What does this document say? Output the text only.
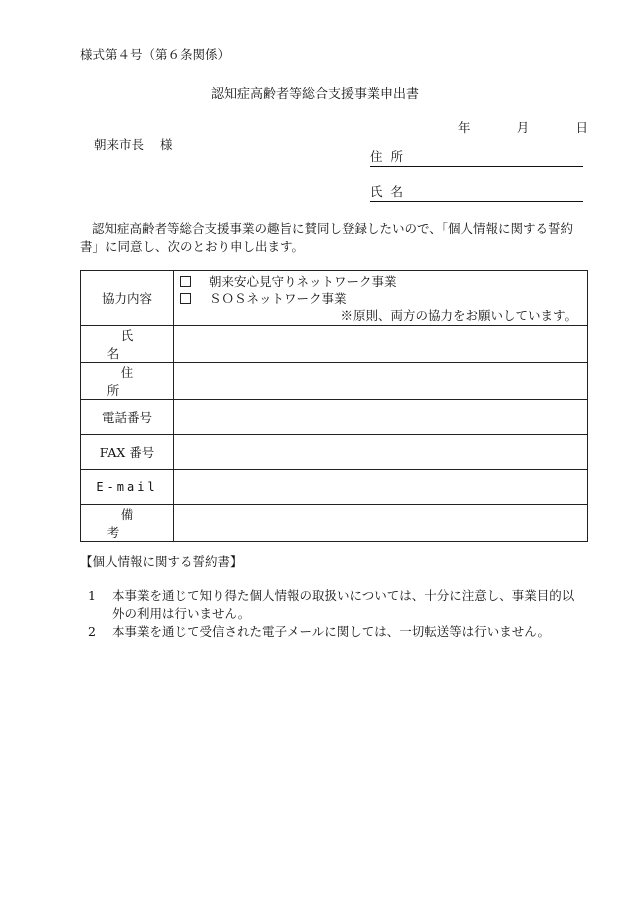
様式第４号（第６条関係）
認知症高齢者等総合支援事業申出書
年	月	日
朝来市長 様
住所
氏名
認知症高齢者等総合支援事業の趣旨に賛同し登録したいので、「個人情報に関する誓約書」に同意し、次のとおり申し出ます。
協力内容	朝来安心見守りネットワーク事業
ＳＯＳネットワーク事業
※原則、両方の協力をお願いしています。

氏名	
住所	
電話番号	
FAX 番号	
E-mail	
備考	
【個人情報に関する誓約書】
1	本事業を通じて知り得た個人情報の取扱いについては、十分に注意し、事業目的以外の利用は行いません。
2	本事業を通じて受信された電子メールに関しては、一切転送等は行いません。
